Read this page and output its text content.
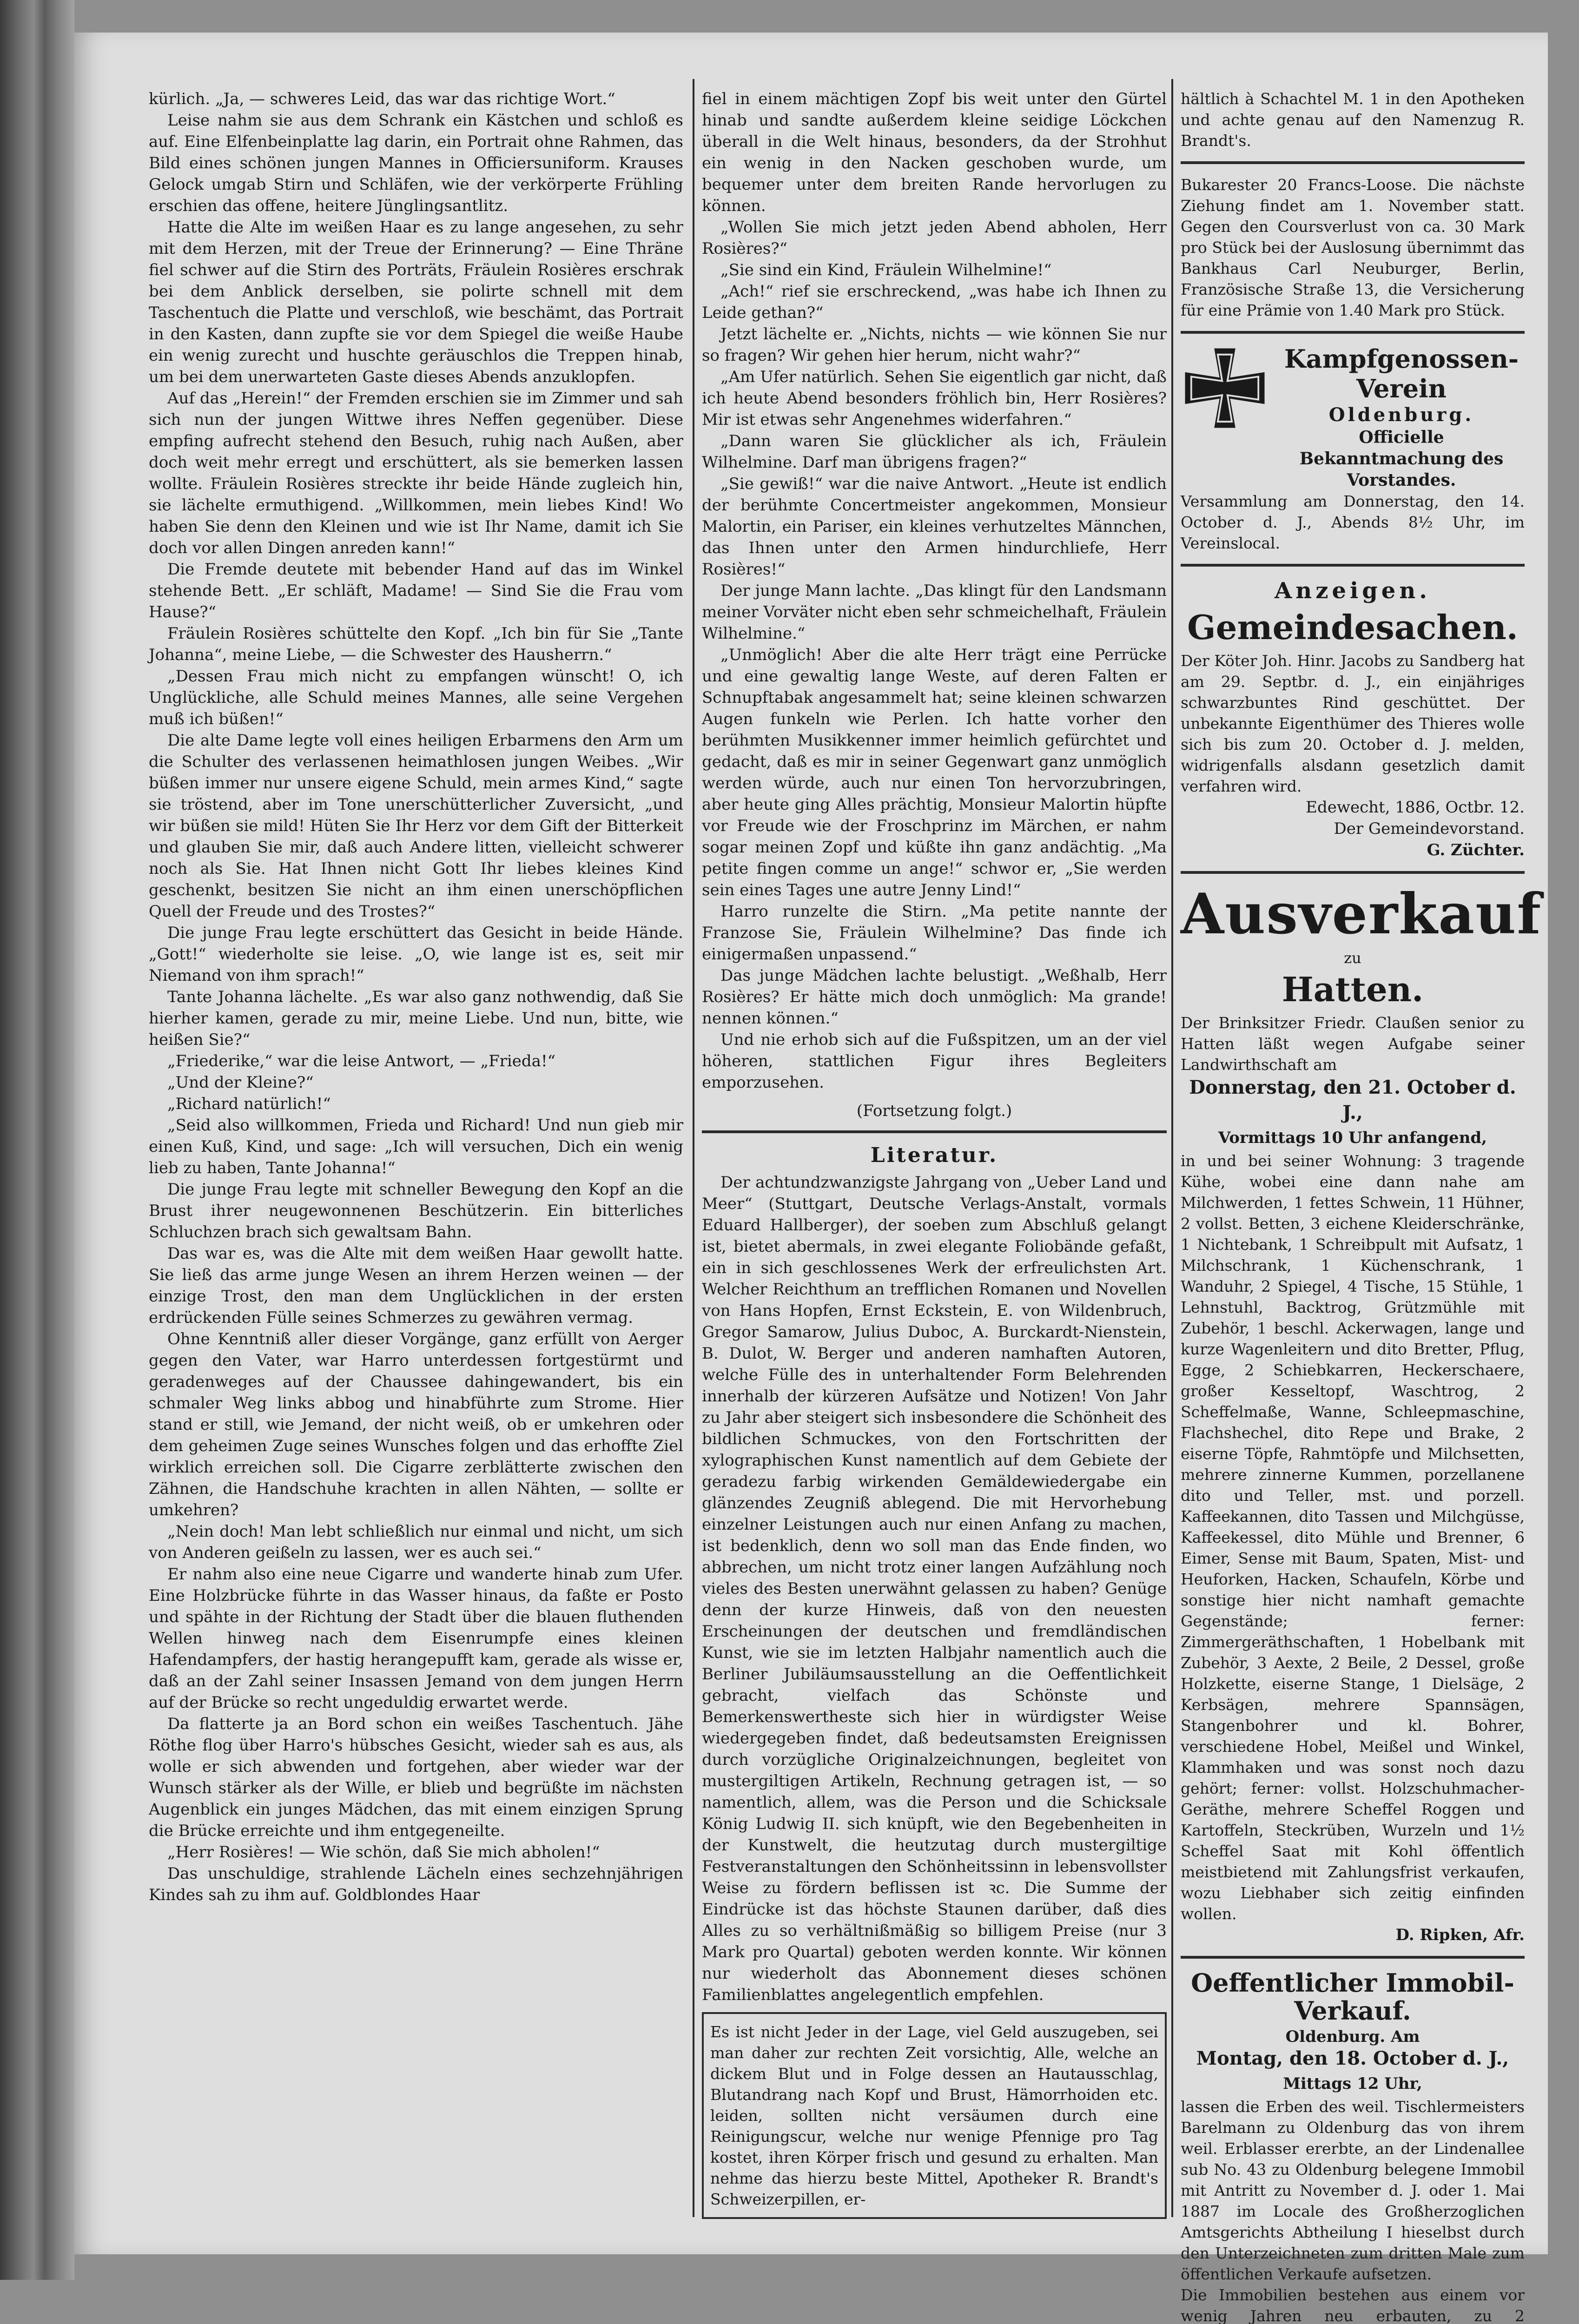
kürlich. „Ja, — schweres Leid, das war das richtige Wort.“

Leise nahm sie aus dem Schrank ein Kästchen und schloß es auf. Eine Elfenbeinplatte lag darin, ein Portrait ohne Rahmen, das Bild eines schönen jungen Mannes in Officiersuniform. Krauses Gelock umgab Stirn und Schläfen, wie der verkörperte Frühling erschien das offene, heitere Jünglingsantlitz.

Hatte die Alte im weißen Haar es zu lange angesehen, zu sehr mit dem Herzen, mit der Treue der Erinnerung? — Eine Thräne fiel schwer auf die Stirn des Porträts, Fräulein Rosières erschrak bei dem Anblick derselben, sie polirte schnell mit dem Taschentuch die Platte und verschloß, wie beschämt, das Portrait in den Kasten, dann zupfte sie vor dem Spiegel die weiße Haube ein wenig zurecht und huschte geräuschlos die Treppen hinab, um bei dem unerwarteten Gaste dieses Abends anzuklopfen.

Auf das „Herein!“ der Fremden erschien sie im Zimmer und sah sich nun der jungen Wittwe ihres Neffen gegenüber. Diese empfing aufrecht stehend den Besuch, ruhig nach Außen, aber doch weit mehr erregt und erschüttert, als sie bemerken lassen wollte. Fräulein Rosières streckte ihr beide Hände zugleich hin, sie lächelte ermuthigend. „Willkommen, mein liebes Kind! Wo haben Sie denn den Kleinen und wie ist Ihr Name, damit ich Sie doch vor allen Dingen anreden kann!“

Die Fremde deutete mit bebender Hand auf das im Winkel stehende Bett. „Er schläft, Madame! — Sind Sie die Frau vom Hause?“

Fräulein Rosières schüttelte den Kopf. „Ich bin für Sie „Tante Johanna“, meine Liebe, — die Schwester des Hausherrn.“

„Dessen Frau mich nicht zu empfangen wünscht! O, ich Unglückliche, alle Schuld meines Mannes, alle seine Vergehen muß ich büßen!“

Die alte Dame legte voll eines heiligen Erbarmens den Arm um die Schulter des verlassenen heimathlosen jungen Weibes. „Wir büßen immer nur unsere eigene Schuld, mein armes Kind,“ sagte sie tröstend, aber im Tone unerschütterlicher Zuversicht, „und wir büßen sie mild! Hüten Sie Ihr Herz vor dem Gift der Bitterkeit und glauben Sie mir, daß auch Andere litten, vielleicht schwerer noch als Sie. Hat Ihnen nicht Gott Ihr liebes kleines Kind geschenkt, besitzen Sie nicht an ihm einen unerschöpflichen Quell der Freude und des Trostes?“

Die junge Frau legte erschüttert das Gesicht in beide Hände. „Gott!“ wiederholte sie leise. „O, wie lange ist es, seit mir Niemand von ihm sprach!“

Tante Johanna lächelte. „Es war also ganz nothwendig, daß Sie hierher kamen, gerade zu mir, meine Liebe. Und nun, bitte, wie heißen Sie?“

„Friederike,“ war die leise Antwort, — „Frieda!“

„Und der Kleine?“

„Richard natürlich!“

„Seid also willkommen, Frieda und Richard! Und nun gieb mir einen Kuß, Kind, und sage: „Ich will versuchen, Dich ein wenig lieb zu haben, Tante Johanna!“

Die junge Frau legte mit schneller Bewegung den Kopf an die Brust ihrer neugewonnenen Beschützerin. Ein bitterliches Schluchzen brach sich gewaltsam Bahn.

Das war es, was die Alte mit dem weißen Haar gewollt hatte. Sie ließ das arme junge Wesen an ihrem Herzen weinen — der einzige Trost, den man dem Unglücklichen in der ersten erdrückenden Fülle seines Schmerzes zu gewähren vermag.

Ohne Kenntniß aller dieser Vorgänge, ganz erfüllt von Aerger gegen den Vater, war Harro unterdessen fortgestürmt und geradenweges auf der Chaussee dahingewandert, bis ein schmaler Weg links abbog und hinabführte zum Strome. Hier stand er still, wie Jemand, der nicht weiß, ob er umkehren oder dem geheimen Zuge seines Wunsches folgen und das erhoffte Ziel wirklich erreichen soll. Die Cigarre zerblätterte zwischen den Zähnen, die Handschuhe krachten in allen Nähten, — sollte er umkehren?

„Nein doch! Man lebt schließlich nur einmal und nicht, um sich von Anderen geißeln zu lassen, wer es auch sei.“

Er nahm also eine neue Cigarre und wanderte hinab zum Ufer. Eine Holzbrücke führte in das Wasser hinaus, da faßte er Posto und spähte in der Richtung der Stadt über die blauen fluthenden Wellen hinweg nach dem Eisenrumpfe eines kleinen Hafendampfers, der hastig herangepufft kam, gerade als wisse er, daß an der Zahl seiner Insassen Jemand von dem jungen Herrn auf der Brücke so recht ungeduldig erwartet werde.

Da flatterte ja an Bord schon ein weißes Taschentuch. Jähe Röthe flog über Harro's hübsches Gesicht, wieder sah es aus, als wolle er sich abwenden und fortgehen, aber wieder war der Wunsch stärker als der Wille, er blieb und begrüßte im nächsten Augenblick ein junges Mädchen, das mit einem einzigen Sprung die Brücke erreichte und ihm entgegeneilte.

„Herr Rosières! — Wie schön, daß Sie mich abholen!“

Das unschuldige, strahlende Lächeln eines sechzehnjährigen Kindes sah zu ihm auf. Goldblondes Haar

fiel in einem mächtigen Zopf bis weit unter den Gürtel hinab und sandte außerdem kleine seidige Löckchen überall in die Welt hinaus, besonders, da der Strohhut ein wenig in den Nacken geschoben wurde, um bequemer unter dem breiten Rande hervorlugen zu können.

„Wollen Sie mich jetzt jeden Abend abholen, Herr Rosières?“

„Sie sind ein Kind, Fräulein Wilhelmine!“

„Ach!“ rief sie erschreckend, „was habe ich Ihnen zu Leide gethan?“

Jetzt lächelte er. „Nichts, nichts — wie können Sie nur so fragen? Wir gehen hier herum, nicht wahr?“

„Am Ufer natürlich. Sehen Sie eigentlich gar nicht, daß ich heute Abend besonders fröhlich bin, Herr Rosières? Mir ist etwas sehr Angenehmes widerfahren.“

„Dann waren Sie glücklicher als ich, Fräulein Wilhelmine. Darf man übrigens fragen?“

„Sie gewiß!“ war die naive Antwort. „Heute ist endlich der berühmte Concertmeister angekommen, Monsieur Malortin, ein Pariser, ein kleines verhutzeltes Männchen, das Ihnen unter den Armen hindurchliefe, Herr Rosières!“

Der junge Mann lachte. „Das klingt für den Landsmann meiner Vorväter nicht eben sehr schmeichelhaft, Fräulein Wilhelmine.“

„Unmöglich! Aber die alte Herr trägt eine Perrücke und eine gewaltig lange Weste, auf deren Falten er Schnupftabak angesammelt hat; seine kleinen schwarzen Augen funkeln wie Perlen. Ich hatte vorher den berühmten Musikkenner immer heimlich gefürchtet und gedacht, daß es mir in seiner Gegenwart ganz unmöglich werden würde, auch nur einen Ton hervorzubringen, aber heute ging Alles prächtig, Monsieur Malortin hüpfte vor Freude wie der Froschprinz im Märchen, er nahm sogar meinen Zopf und küßte ihn ganz andächtig. „Ma petite fingen comme un ange!“ schwor er, „Sie werden sein eines Tages une autre Jenny Lind!“

Harro runzelte die Stirn. „Ma petite nannte der Franzose Sie, Fräulein Wilhelmine? Das finde ich einigermaßen unpassend.“

Das junge Mädchen lachte belustigt. „Weßhalb, Herr Rosières? Er hätte mich doch unmöglich: Ma grande! nennen können.“

Und nie erhob sich auf die Fußspitzen, um an der viel höheren, stattlichen Figur ihres Begleiters emporzusehen.

(Fortsetzung folgt.)
Literatur.

Der achtundzwanzigste Jahrgang von „Ueber Land und Meer“ (Stuttgart, Deutsche Verlags-Anstalt, vormals Eduard Hallberger), der soeben zum Abschluß gelangt ist, bietet abermals, in zwei elegante Foliobände gefaßt, ein in sich geschlossenes Werk der erfreulichsten Art. Welcher Reichthum an trefflichen Romanen und Novellen von Hans Hopfen, Ernst Eckstein, E. von Wildenbruch, Gregor Samarow, Julius Duboc, A. Burckardt-Nienstein, B. Dulot, W. Berger und anderen namhaften Autoren, welche Fülle des in unterhaltender Form Belehrenden innerhalb der kürzeren Aufsätze und Notizen! Von Jahr zu Jahr aber steigert sich insbesondere die Schönheit des bildlichen Schmuckes, von den Fortschritten der xylographischen Kunst namentlich auf dem Gebiete der geradezu farbig wirkenden Gemäldewiedergabe ein glänzendes Zeugniß ablegend. Die mit Hervorhebung einzelner Leistungen auch nur einen Anfang zu machen, ist bedenklich, denn wo soll man das Ende finden, wo abbrechen, um nicht trotz einer langen Aufzählung noch vieles des Besten unerwähnt gelassen zu haben? Genüge denn der kurze Hinweis, daß von den neuesten Erscheinungen der deutschen und fremdländischen Kunst, wie sie im letzten Halbjahr namentlich auch die Berliner Jubiläumsausstellung an die Oeffentlichkeit gebracht, vielfach das Schönste und Bemerkenswertheste sich hier in würdigster Weise wiedergegeben findet, daß bedeutsamsten Ereignissen durch vorzügliche Originalzeichnungen, begleitet von mustergiltigen Artikeln, Rechnung getragen ist, — so namentlich, allem, was die Person und die Schicksale König Ludwig II. sich knüpft, wie den Begebenheiten in der Kunstwelt, die heutzutag durch mustergiltige Festveranstaltungen den Schönheitssinn in lebensvollster Weise zu fördern beflissen ist ꝛc. Die Summe der Eindrücke ist das höchste Staunen darüber, daß dies Alles zu so verhältnißmäßig so billigem Preise (nur 3 Mark pro Quartal) geboten werden konnte. Wir können nur wiederholt das Abonnement dieses schönen Familienblattes angelegentlich empfehlen.

Es ist nicht Jeder in der Lage, viel Geld auszugeben, sei man daher zur rechten Zeit vorsichtig, Alle, welche an dickem Blut und in Folge dessen an Hautausschlag, Blutandrang nach Kopf und Brust, Hämorrhoiden etc. leiden, sollten nicht versäumen durch eine Reinigungscur, welche nur wenige Pfennige pro Tag kostet, ihren Körper frisch und gesund zu erhalten. Man nehme das hierzu beste Mittel, Apotheker R. Brandt's Schweizerpillen, er-

hältlich à Schachtel M. 1 in den Apotheken und achte genau auf den Namenzug R. Brandt's.

Bukarester 20 Francs-Loose. Die nächste Ziehung findet am 1. November statt. Gegen den Coursverlust von ca. 30 Mark pro Stück bei der Auslosung übernimmt das Bankhaus Carl Neuburger, Berlin, Französische Straße 13, die Versicherung für eine Prämie von 1.40 Mark pro Stück.

Kampfgenossen-Verein
Oldenburg.
Officielle Bekanntmachung des Vorstandes.

Versammlung am Donnerstag, den 14. October d. J., Abends 8½ Uhr, im Vereinslocal.

Anzeigen.
Gemeindesachen.

Der Köter Joh. Hinr. Jacobs zu Sandberg hat am 29. Septbr. d. J., ein einjähriges schwarzbuntes Rind geschüttet. Der unbekannte Eigenthümer des Thieres wolle sich bis zum 20. October d. J. melden, widrigenfalls alsdann gesetzlich damit verfahren wird.

Edewecht, 1886, Octbr. 12.
Der Gemeindevorstand.
G. Züchter.
Ausverkauf
zu
Hatten.

Der Brinksitzer Friedr. Claußen senior zu Hatten läßt wegen Aufgabe seiner Landwirthschaft am

Donnerstag, den 21. October d. J.,
Vormittags 10 Uhr anfangend,

in und bei seiner Wohnung: 3 tragende Kühe, wobei eine dann nahe am Milchwerden, 1 fettes Schwein, 11 Hühner, 2 vollst. Betten, 3 eichene Kleiderschränke, 1 Nichtebank, 1 Schreibpult mit Aufsatz, 1 Milchschrank, 1 Küchenschrank, 1 Wanduhr, 2 Spiegel, 4 Tische, 15 Stühle, 1 Lehnstuhl, Backtrog, Grützmühle mit Zubehör, 1 beschl. Ackerwagen, lange und kurze Wagenleitern und dito Bretter, Pflug, Egge, 2 Schiebkarren, Heckerschaere, großer Kesseltopf, Waschtrog, 2 Scheffelmaße, Wanne, Schleepmaschine, Flachshechel, dito Repe und Brake, 2 eiserne Töpfe, Rahmtöpfe und Milchsetten, mehrere zinnerne Kummen, porzellanene dito und Teller, mst. und porzell. Kaffeekannen, dito Tassen und Milchgüsse, Kaffeekessel, dito Mühle und Brenner, 6 Eimer, Sense mit Baum, Spaten, Mist- und Heuforken, Hacken, Schaufeln, Körbe und sonstige hier nicht namhaft gemachte Gegenstände; ferner: Zimmergeräthschaften, 1 Hobelbank mit Zubehör, 3 Aexte, 2 Beile, 2 Dessel, große Holzkette, eiserne Stange, 1 Dielsäge, 2 Kerbsägen, mehrere Spannsägen, Stangenbohrer und kl. Bohrer, verschiedene Hobel, Meißel und Winkel, Klammhaken und was sonst noch dazu gehört; ferner: vollst. Holzschuhmacher-Geräthe, mehrere Scheffel Roggen und Kartoffeln, Steckrüben, Wurzeln und 1½ Scheffel Saat mit Kohl öffentlich meistbietend mit Zahlungsfrist verkaufen, wozu Liebhaber sich zeitig einfinden wollen.

D. Ripken, Afr.
Oeffentlicher Immobil-Verkauf.
Oldenburg. Am
Montag, den 18. October d. J.,
Mittags 12 Uhr,

lassen die Erben des weil. Tischlermeisters Barelmann zu Oldenburg das von ihrem weil. Erblasser ererbte, an der Lindenallee sub No. 43 zu Oldenburg belegene Immobil mit Antritt zu November d. J. oder 1. Mai 1887 im Locale des Großherzoglichen Amtsgerichts Abtheilung I hieselbst durch den Unterzeichneten zum dritten Male zum öffentlichen Verkaufe aufsetzen.

Die Immobilien bestehen aus einem vor wenig Jahren neu erbauten, zu 2
